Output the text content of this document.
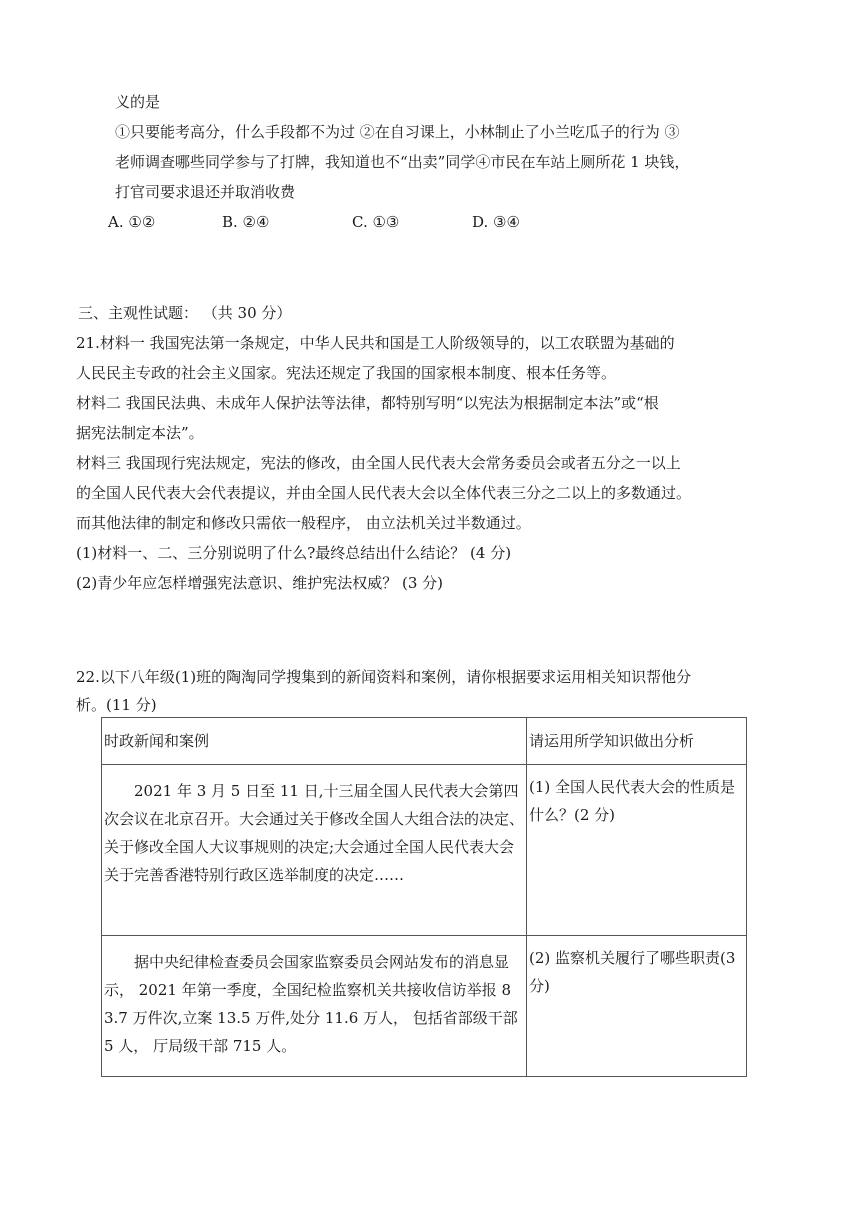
义的是
①只要能考高分，什么手段都不为过 ②在自习课上，小林制止了小兰吃瓜子的行为 ③
老师调查哪些同学参与了打牌，我知道也不“出卖”同学④市民在车站上厕所花 1 块钱，
打官司要求退还并取消收费
A. ①②	B. ②④	C. ①③	D. ③④
三、主观性试题： （共 30 分）
21.材料一 我国宪法第一条规定，中华人民共和国是工人阶级领导的，以工农联盟为基础的
人民民主专政的社会主义国家。宪法还规定了我国的国家根本制度、根本任务等。
材料二 我国民法典、未成年人保护法等法律，都特别写明“以宪法为根据制定本法”或“根
据宪法制定本法”。
材料三 我国现行宪法规定，宪法的修改，由全国人民代表大会常务委员会或者五分之一以上
的全国人民代表大会代表提议，并由全国人民代表大会以全体代表三分之二以上的多数通过。
而其他法律的制定和修改只需依一般程序， 由立法机关过半数通过。
(1)材料一、二、三分别说明了什么?最终总结出什么结论？ (4 分)
(2)青少年应怎样增强宪法意识、维护宪法权威？ (3 分)
22.以下八年级(1)班的陶淘同学搜集到的新闻资料和案例，请你根据要求运用相关知识帮他分
析。(11 分)
时政新闻和案例	请运用所学知识做出分析

2021 年 3 月 5 日至 11 日,十三届全国人民代表大会第四次会议在北京召开。大会通过关于修改全国人大组合法的决定、关于修改全国人大议事规则的决定;大会通过全国人民代表大会关于完善香港特别行政区选举制度的决定……	(1) 全国人民代表大会的性质是什么？(2 分)

据中央纪律检查委员会国家监察委员会网站发布的消息显示， 2021 年第一季度，全国纪检监察机关共接收信访举报 83.7 万件次,立案 13.5 万件,处分 11.6 万人， 包括省部级干部 5 人， 厅局级干部 715 人。	(2) 监察机关履行了哪些职责(3 分)
